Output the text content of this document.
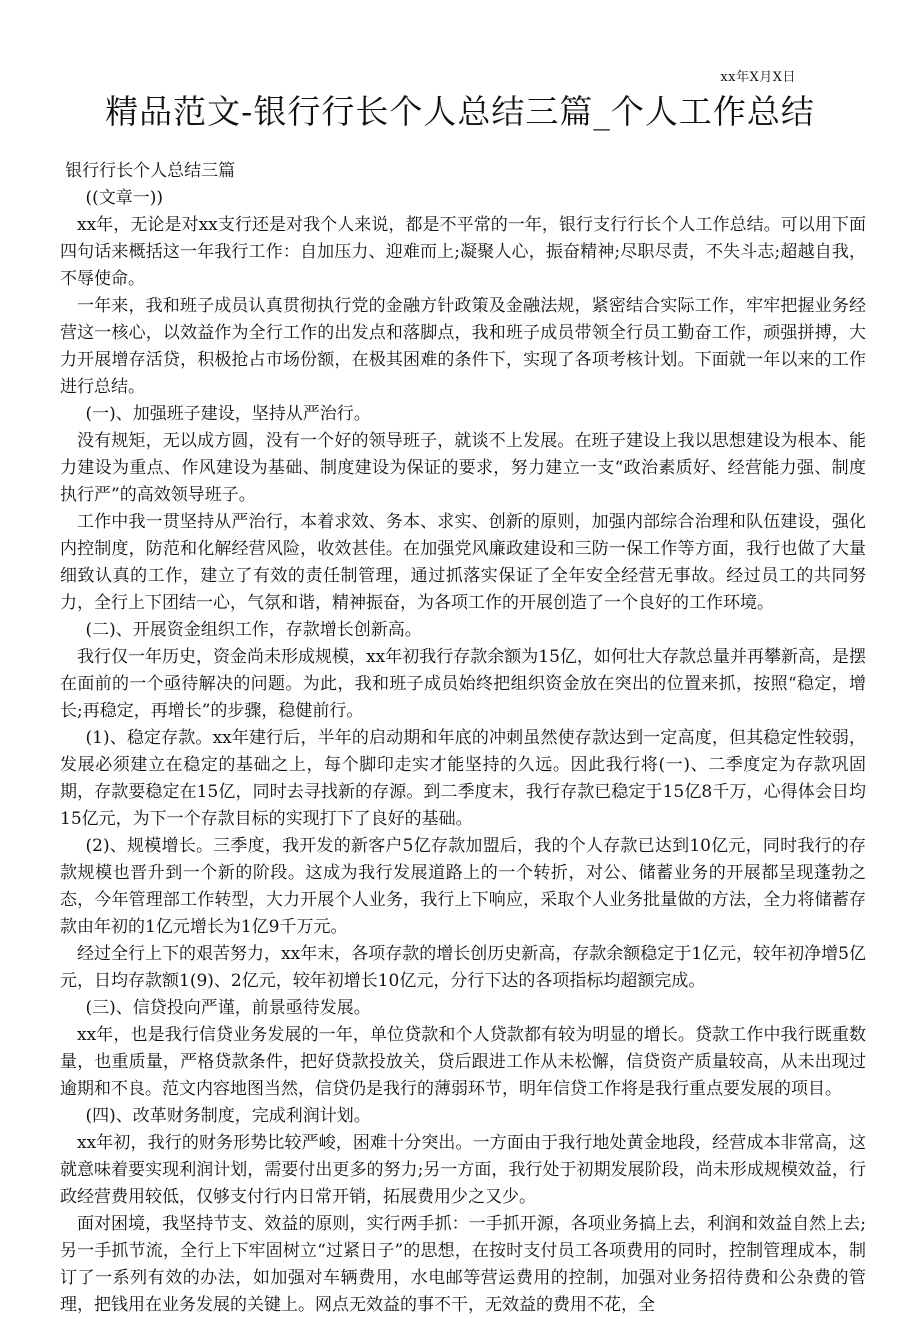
xx年X月X日
精品范文-银行行长个人总结三篇_个人工作总结

银行行长个人总结三篇

((文章一))

xx年，无论是对xx支行还是对我个人来说，都是不平常的一年，银行支行行长个人工作总结。可以用下面四句话来概括这一年我行工作：自加压力、迎难而上;凝聚人心，振奋精神;尽职尽责，不失斗志;超越自我，不辱使命。

一年来，我和班子成员认真贯彻执行党的金融方针政策及金融法规，紧密结合实际工作，牢牢把握业务经营这一核心，以效益作为全行工作的出发点和落脚点，我和班子成员带领全行员工勤奋工作，顽强拼搏，大力开展增存活贷，积极抢占市场份额，在极其困难的条件下，实现了各项考核计划。下面就一年以来的工作进行总结。

(一)、加强班子建设，坚持从严治行。

没有规矩，无以成方圆，没有一个好的领导班子，就谈不上发展。在班子建设上我以思想建设为根本、能力建设为重点、作风建设为基础、制度建设为保证的要求，努力建立一支“政治素质好、经营能力强、制度执行严”的高效领导班子。

工作中我一贯坚持从严治行，本着求效、务本、求实、创新的原则，加强内部综合治理和队伍建设，强化内控制度，防范和化解经营风险，收效甚佳。在加强党风廉政建设和三防一保工作等方面，我行也做了大量细致认真的工作，建立了有效的责任制管理，通过抓落实保证了全年安全经营无事故。经过员工的共同努力，全行上下团结一心，气氛和谐，精神振奋，为各项工作的开展创造了一个良好的工作环境。

(二)、开展资金组织工作，存款增长创新高。

我行仅一年历史，资金尚未形成规模，xx年初我行存款余额为15亿，如何壮大存款总量并再攀新高，是摆在面前的一个亟待解决的问题。为此，我和班子成员始终把组织资金放在突出的位置来抓，按照“稳定，增长;再稳定，再增长”的步骤，稳健前行。

(1)、稳定存款。xx年建行后，半年的启动期和年底的冲刺虽然使存款达到一定高度，但其稳定性较弱，发展必须建立在稳定的基础之上，每个脚印走实才能坚持的久远。因此我行将(一)、二季度定为存款巩固期，存款要稳定在15亿，同时去寻找新的存源。到二季度末，我行存款已稳定于15亿8千万，心得体会日均15亿元，为下一个存款目标的实现打下了良好的基础。

(2)、规模增长。三季度，我开发的新客户5亿存款加盟后，我的个人存款已达到10亿元，同时我行的存款规模也晋升到一个新的阶段。这成为我行发展道路上的一个转折，对公、储蓄业务的开展都呈现蓬勃之态，今年管理部工作转型，大力开展个人业务，我行上下响应，采取个人业务批量做的方法，全力将储蓄存款由年初的1亿元增长为1亿9千万元。

经过全行上下的艰苦努力，xx年末，各项存款的增长创历史新高，存款余额稳定于1亿元，较年初净增5亿元，日均存款额1(9)、2亿元，较年初增长10亿元，分行下达的各项指标均超额完成。

(三)、信贷投向严谨，前景亟待发展。

xx年，也是我行信贷业务发展的一年，单位贷款和个人贷款都有较为明显的增长。贷款工作中我行既重数量，也重质量，严格贷款条件，把好贷款投放关，贷后跟进工作从未松懈，信贷资产质量较高，从未出现过逾期和不良。范文内容地图当然，信贷仍是我行的薄弱环节，明年信贷工作将是我行重点要发展的项目。

(四)、改革财务制度，完成利润计划。

xx年初，我行的财务形势比较严峻，困难十分突出。一方面由于我行地处黄金地段，经营成本非常高，这就意味着要实现利润计划，需要付出更多的努力;另一方面，我行处于初期发展阶段，尚未形成规模效益，行政经营费用较低，仅够支付行内日常开销，拓展费用少之又少。

面对困境，我坚持节支、效益的原则，实行两手抓：一手抓开源，各项业务搞上去，利润和效益自然上去;另一手抓节流，全行上下牢固树立“过紧日子”的思想，在按时支付员工各项费用的同时，控制管理成本，制订了一系列有效的办法，如加强对车辆费用，水电邮等营运费用的控制，加强对业务招待费和公杂费的管理，把钱用在业务发展的关键上。网点无效益的事不干，无效益的费用不花，全
